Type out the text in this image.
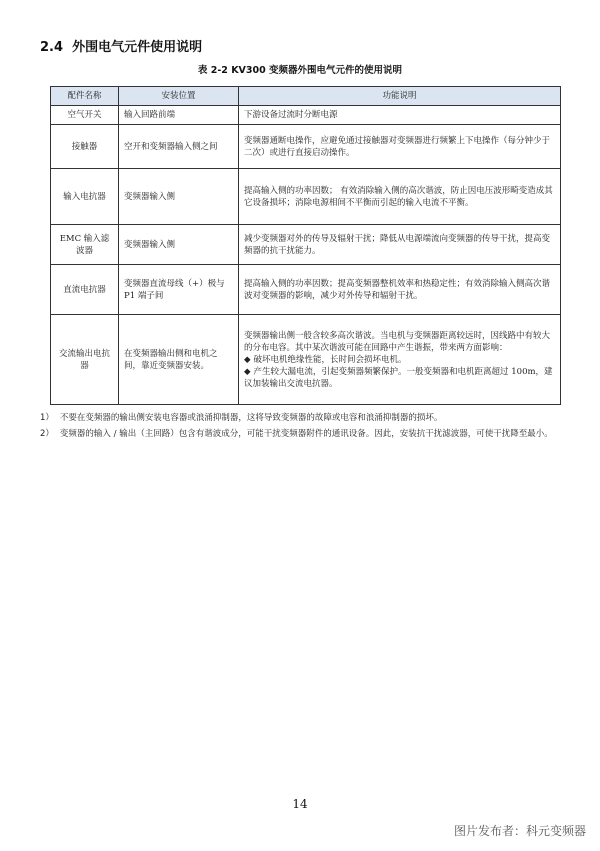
2.4 外围电气元件使用说明
表 2-2 KV300 变频器外围电气元件的使用说明
配件名称	安装位置	功能说明
空气开关	输入回路前端	下游设备过流时分断电源
接触器	空开和变频器输入侧之间	变频器通断电操作，应避免通过接触器对变频器进行频繁上下电操作（每分钟少于二次）或进行直接启动操作。
输入电抗器	变频器输入侧	提高输入侧的功率因数； 有效消除输入侧的高次谐波，防止因电压波形畸变造成其它设备损坏；消除电源相间不平衡而引起的输入电流不平衡。
EMC 输入滤波器	变频器输入侧	减少变频器对外的传导及辐射干扰；降低从电源端流向变频器的传导干扰，提高变频器的抗干扰能力。
直流电抗器	变频器直流母线（+）极与P1 端子间	提高输入侧的功率因数；提高变频器整机效率和热稳定性；有效消除输入侧高次谐波对变频器的影响，减少对外传导和辐射干扰。
交流输出电抗器	在变频器输出侧和电机之间，靠近变频器安装。	变频器输出侧一般含较多高次谐波。当电机与变频器距离较远时，因线路中有较大的分布电容。其中某次谐波可能在回路中产生谐振，带来两方面影响：
◆ 破坏电机绝缘性能，长时间会损坏电机。
◆ 产生较大漏电流，引起变频器频繁保护。一般变频器和电机距离超过 100m，建议加装输出交流电抗器。
1） 不要在变频器的输出侧安装电容器或浪涌抑制器，这将导致变频器的故障或电容和浪涌抑制器的损坏。
2） 变频器的输入 / 输出（主回路）包含有谐波成分，可能干扰变频器附件的通讯设备。因此，安装抗干扰滤波器，可使干扰降至最小。
14
图片发布者：科元变频器
